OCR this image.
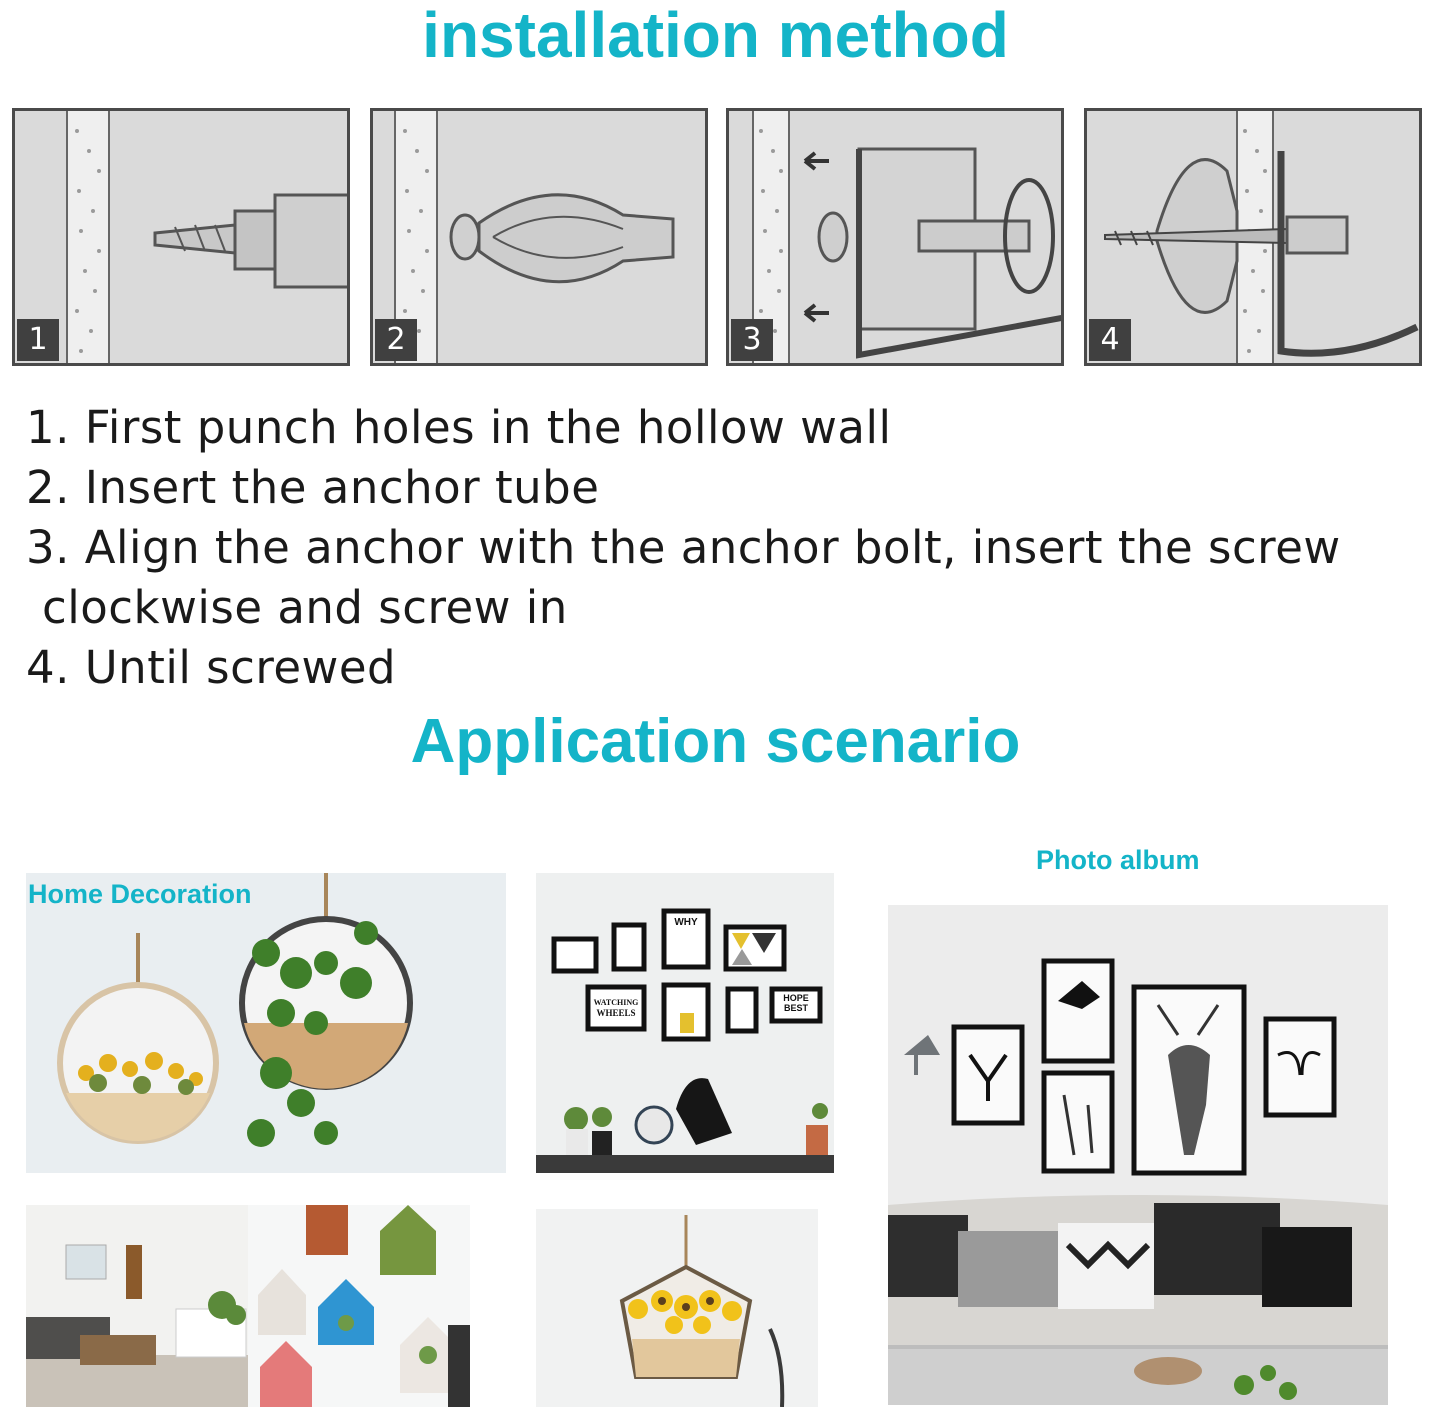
installation method
1	2	3	4
1. First punch holes in the hollow wall
2. Insert the anchor tube
3. Align the anchor with the anchor bolt, insert the screw
clockwise and screw in
4. Until screwed
Application scenario
Home Decoration
WHY
WATCHING
WHEELS
HOPE
BEST
Photo album
